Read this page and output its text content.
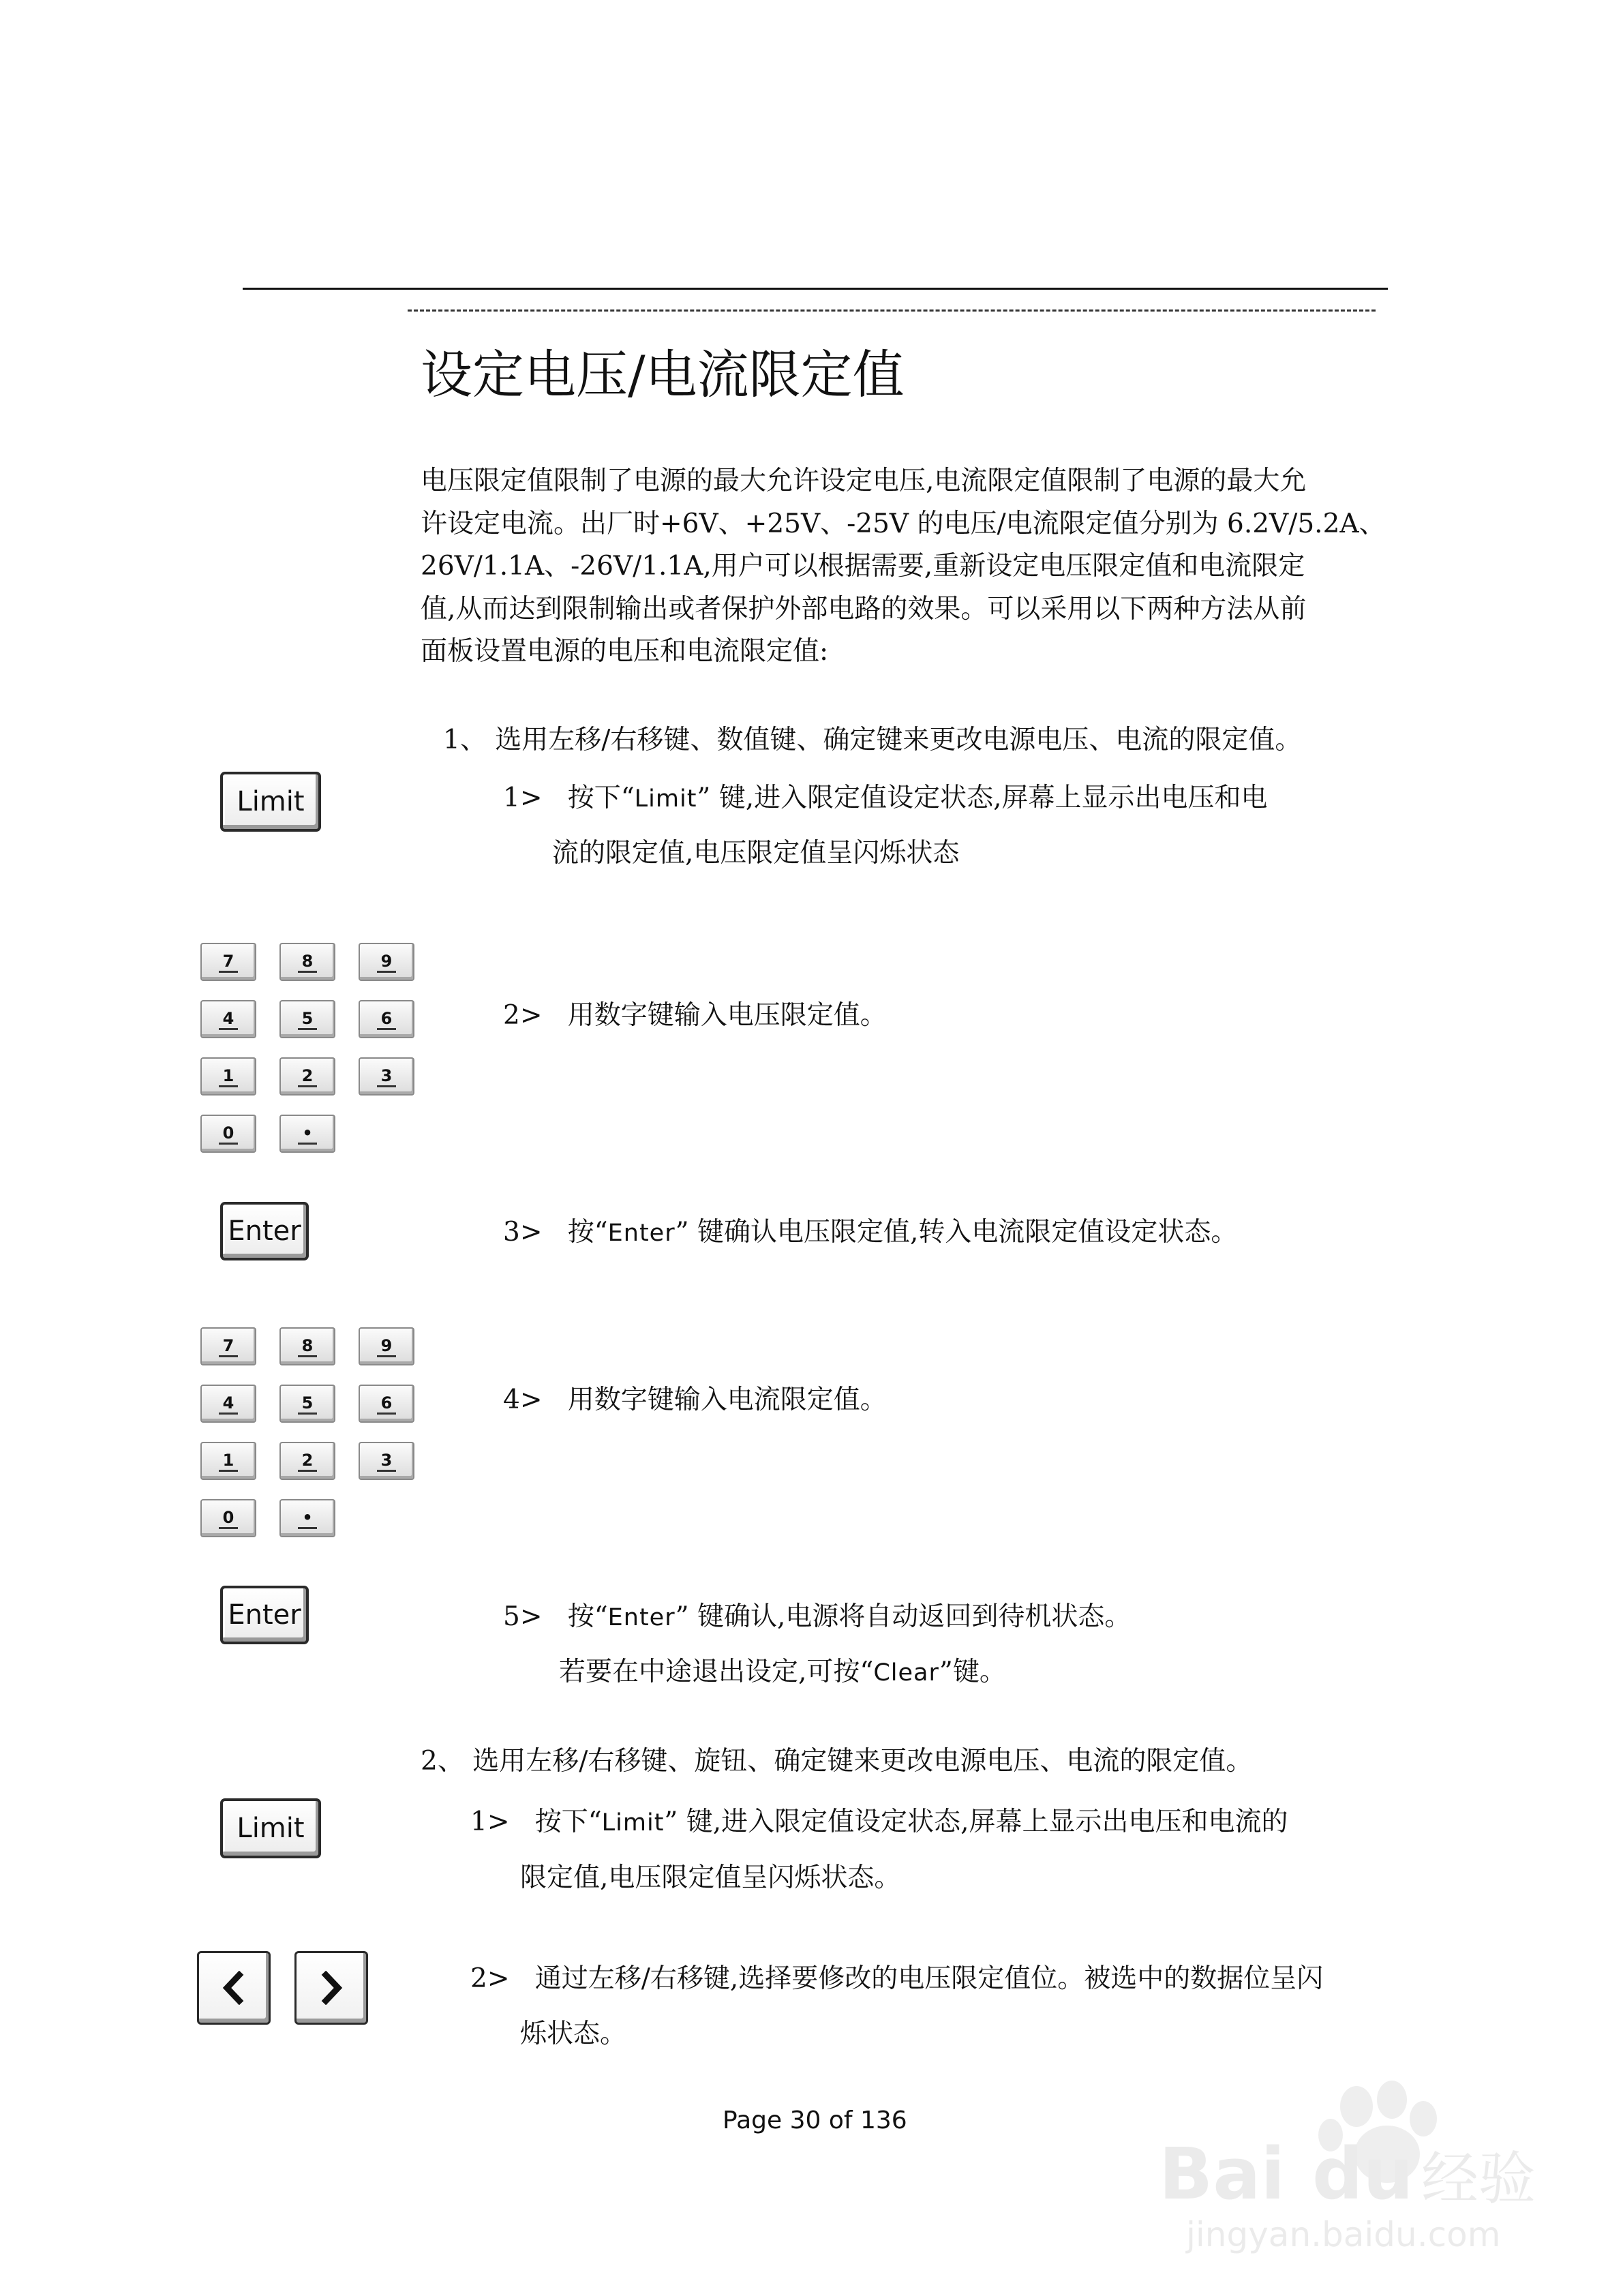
设定电压/电流限定值
电压限定值限制了电源的最大允许设定电压,电流限定值限制了电源的最大允
许设定电流。出厂时+6V、+25V、-25V 的电压/电流限定值分别为 6.2V/5.2A、
26V/1.1A、-26V/1.1A,用户可以根据需要,重新设定电压限定值和电流限定
值,从而达到限制输出或者保护外部电路的效果。可以采用以下两种方法从前
面板设置电源的电压和电流限定值:
1、 选用左移/右移键、数值键、确定键来更改电源电压、电流的限定值。
Limit	1> 按下“Limit” 键,进入限定值设定状态,屏幕上显示出电压和电
流的限定值,电压限定值呈闪烁状态
7	8	9
4	5	6
1	2	3
0	•
2> 用数字键输入电压限定值。
Enter	3> 按“Enter” 键确认电压限定值,转入电流限定值设定状态。
7	8	9
4	5	6
1	2	3
0	•
4> 用数字键输入电流限定值。
Enter	5> 按“Enter” 键确认,电源将自动返回到待机状态。
若要在中途退出设定,可按“Clear”键。
2、 选用左移/右移键、旋钮、确定键来更改电源电压、电流的限定值。
Limit	1> 按下“Limit” 键,进入限定值设定状态,屏幕上显示出电压和电流的
限定值,电压限定值呈闪烁状态。
2> 通过左移/右移键,选择要修改的电压限定值位。被选中的数据位呈闪
烁状态。
Page 30 of 136
Bai du 经验
jingyan.baidu.com
